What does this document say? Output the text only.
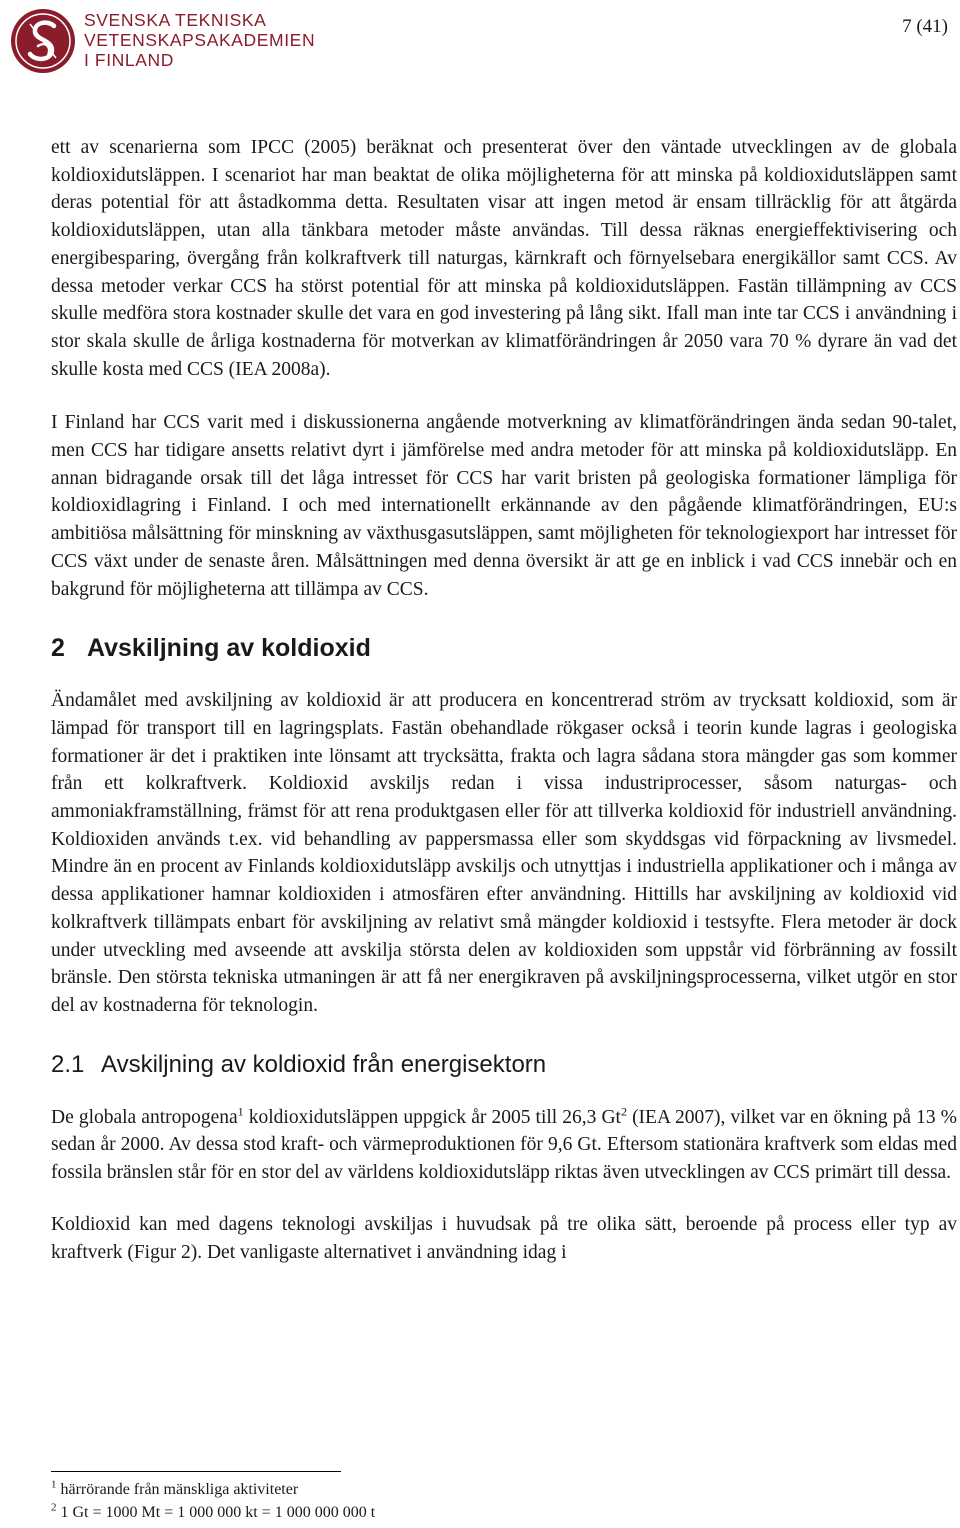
SVENSKA TEKNISKA
VETENSKAPSAKADEMIEN
I FINLAND
7 (41)

ett av scenarierna som IPCC (2005) beräknat och presenterat över den väntade utvecklingen av de globala koldioxidutsläppen. I scenariot har man beaktat de olika möjligheterna för att minska på koldioxidutsläppen samt deras potential för att åstadkomma detta. Resultaten visar att ingen metod är ensam tillräcklig för att åtgärda koldioxidutsläppen, utan alla tänkbara metoder måste användas. Till dessa räknas energieffektivisering och energibesparing, övergång från kolkraftverk till naturgas, kärnkraft och förnyelsebara energikällor samt CCS. Av dessa metoder verkar CCS ha störst potential för att minska på koldioxidutsläppen. Fastän tillämpning av CCS skulle medföra stora kostnader skulle det vara en god investering på lång sikt. Ifall man inte tar CCS i användning i stor skala skulle de årliga kostnaderna för motverkan av klimatförändringen år 2050 vara 70 % dyrare än vad det skulle kosta med CCS (IEA 2008a).

I Finland har CCS varit med i diskussionerna angående motverkning av klimatförändringen ända sedan 90-talet, men CCS har tidigare ansetts relativt dyrt i jämförelse med andra metoder för att minska på koldioxidutsläpp. En annan bidragande orsak till det låga intresset för CCS har varit bristen på geologiska formationer lämpliga för koldioxidlagring i Finland. I och med internationellt erkännande av den pågående klimatförändringen, EU:s ambitiösa målsättning för minskning av växthusgasutsläppen, samt möjligheten för teknologiexport har intresset för CCS växt under de senaste åren. Målsättningen med denna översikt är att ge en inblick i vad CCS innebär och en bakgrund för möjligheterna att tillämpa av CCS.

2 Avskiljning av koldioxid

Ändamålet med avskiljning av koldioxid är att producera en koncentrerad ström av trycksatt koldioxid, som är lämpad för transport till en lagringsplats. Fastän obehandlade rökgaser också i teorin kunde lagras i geologiska formationer är det i praktiken inte lönsamt att trycksätta, frakta och lagra sådana stora mängder gas som kommer från ett kolkraftverk. Koldioxid avskiljs redan i vissa industriprocesser, såsom naturgas- och ammoniakframställning, främst för att rena produktgasen eller för att tillverka koldioxid för industriell användning. Koldioxiden används t.ex. vid behandling av pappersmassa eller som skyddsgas vid förpackning av livsmedel. Mindre än en procent av Finlands koldioxidutsläpp avskiljs och utnyttjas i industriella applikationer och i många av dessa applikationer hamnar koldioxiden i atmosfären efter användning. Hittills har avskiljning av koldioxid vid kolkraftverk tillämpats enbart för avskiljning av relativt små mängder koldioxid i testsyfte. Flera metoder är dock under utveckling med avseende att avskilja största delen av koldioxiden som uppstår vid förbränning av fossilt bränsle. Den största tekniska utmaningen är att få ner energikraven på avskiljningsprocesserna, vilket utgör en stor del av kostnaderna för teknologin.

2.1 Avskiljning av koldioxid från energisektorn

De globala antropogena$^1$ koldioxidutsläppen uppgick år 2005 till 26,3 Gt$^2$ (IEA 2007), vilket var en ökning på 13 % sedan år 2000. Av dessa stod kraft- och värmeproduktionen för 9,6 Gt. Eftersom stationära kraftverk som eldas med fossila bränslen står för en stor del av världens koldioxidutsläpp riktas även utvecklingen av CCS primärt till dessa.

Koldioxid kan med dagens teknologi avskiljas i huvudsak på tre olika sätt, beroende på process eller typ av kraftverk (Figur 2). Det vanligaste alternativet i användning idag i

$^1$ härrörande från mänskliga aktiviteter
$^2$ 1 Gt = 1000 Mt = 1 000 000 kt = 1 000 000 000 t
